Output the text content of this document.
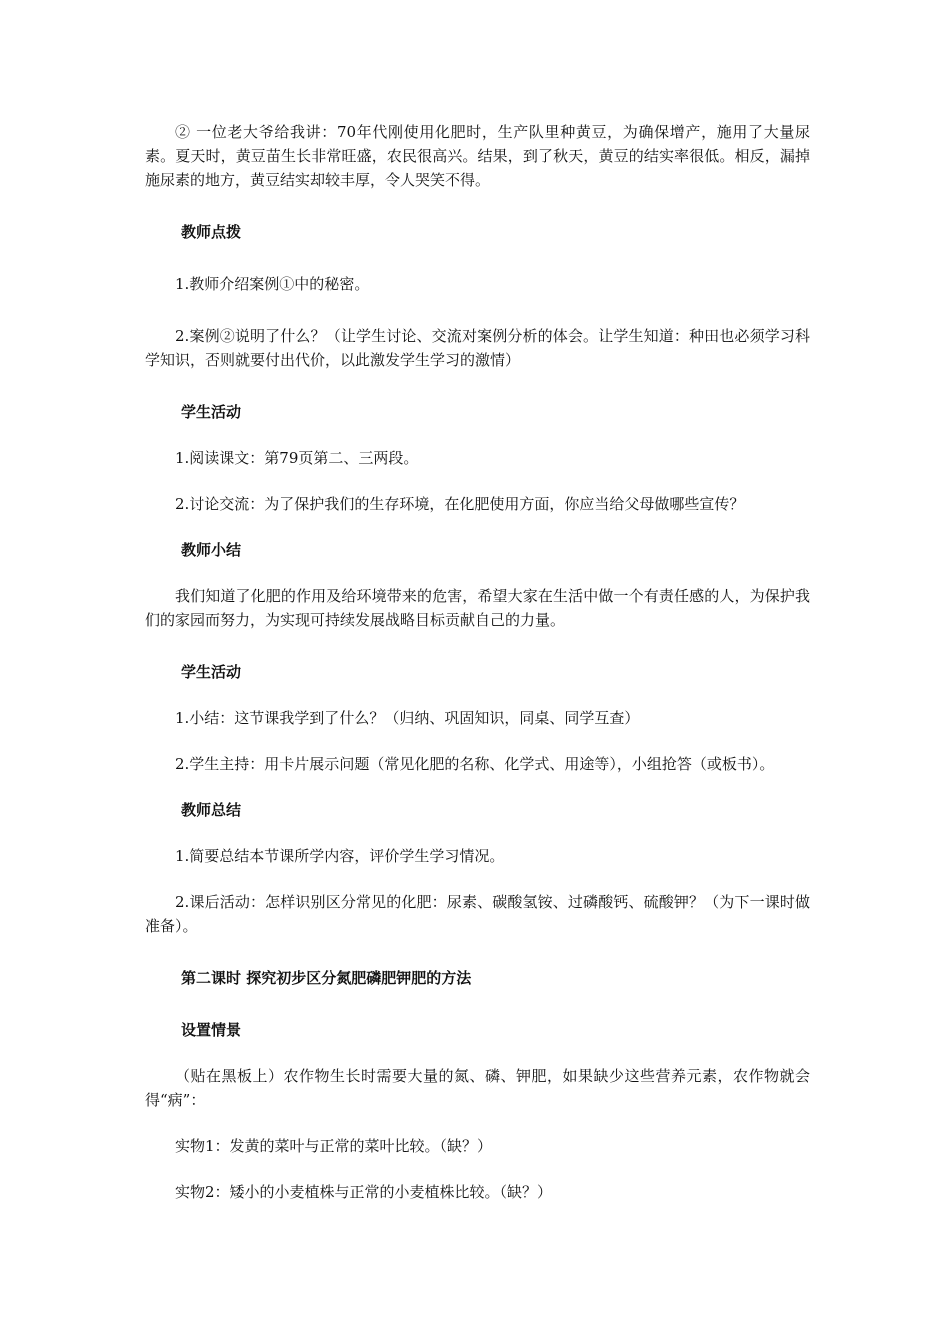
② 一位老大爷给我讲：70年代刚使用化肥时，生产队里种黄豆，为确保增产，施用了大量尿素。夏天时，黄豆苗生长非常旺盛，农民很高兴。结果，到了秋天，黄豆的结实率很低。相反，漏掉施尿素的地方，黄豆结实却较丰厚，令人哭笑不得。

教师点拨

1.教师介绍案例①中的秘密。

2.案例②说明了什么？（让学生讨论、交流对案例分析的体会。让学生知道：种田也必须学习科学知识，否则就要付出代价，以此激发学生学习的激情）

学生活动

1.阅读课文：第79页第二、三两段。

2.讨论交流：为了保护我们的生存环境，在化肥使用方面，你应当给父母做哪些宣传？

教师小结

我们知道了化肥的作用及给环境带来的危害，希望大家在生活中做一个有责任感的人，为保护我们的家园而努力，为实现可持续发展战略目标贡献自己的力量。

学生活动

1.小结：这节课我学到了什么？（归纳、巩固知识，同桌、同学互查）

2.学生主持：用卡片展示问题（常见化肥的名称、化学式、用途等），小组抢答（或板书）。

教师总结

1.简要总结本节课所学内容，评价学生学习情况。

2.课后活动：怎样识别区分常见的化肥：尿素、碳酸氢铵、过磷酸钙、硫酸钾？（为下一课时做准备）。

第二课时 探究初步区分氮肥磷肥钾肥的方法

设置情景

（贴在黑板上）农作物生长时需要大量的氮、磷、钾肥，如果缺少这些营养元素，农作物就会得“病”：

实物1：发黄的菜叶与正常的菜叶比较。（缺？）

实物2：矮小的小麦植株与正常的小麦植株比较。（缺？）
